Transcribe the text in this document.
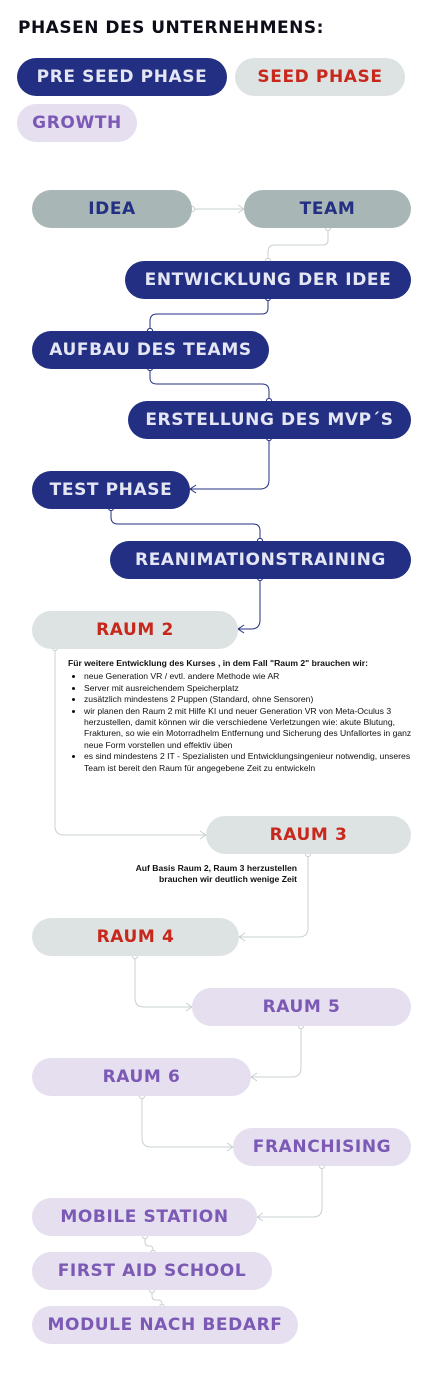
PHASEN DES UNTERNEHMENS:
PRE SEED PHASE	SEED PHASE
GROWTH
IDEA	TEAM
ENTWICKLUNG DER IDEE
AUFBAU DES TEAMS
ERSTELLUNG DES MVP´S
TEST PHASE
REANIMATIONSTRAINING
RAUM 2
Für weitere Entwicklung des Kurses , in dem Fall "Raum 2" brauchen wir:
• neue Generation VR / evtl. andere Methode wie AR
• Server mit ausreichendem Speicherplatz
• zusätzlich mindestens 2 Puppen (Standard, ohne Sensoren)
• wir planen den Raum 2 mit Hilfe KI und neuer Generation VR von Meta-Oculus 3 herzustellen, damit können wir die verschiedene Verletzungen wie: akute Blutung, Frakturen, so wie ein Motorradhelm Entfernung und Sicherung des Unfallortes in ganz neue Form vorstellen und effektiv üben
• es sind mindestens 2 IT - Spezialisten und Entwicklungsingenieur notwendig, unseres Team ist bereit den Raum für angegebene Zeit zu entwickeln
RAUM 3
Auf Basis Raum 2, Raum 3 herzustellen
brauchen wir deutlich wenige Zeit
RAUM 4
RAUM 5
RAUM 6
FRANCHISING
MOBILE STATION
FIRST AID SCHOOL
MODULE NACH BEDARF
